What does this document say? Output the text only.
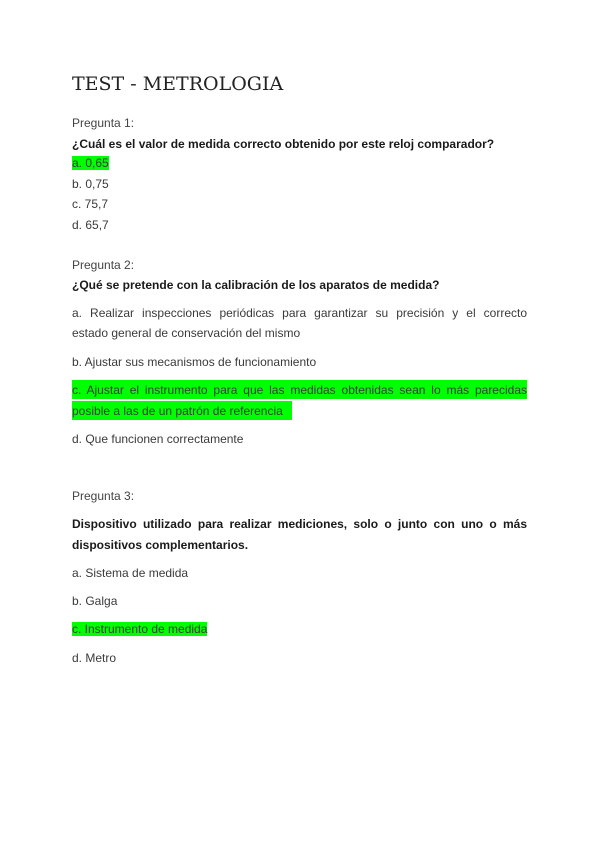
TEST - METROLOGIA
Pregunta 1:
¿Cuál es el valor de medida correcto obtenido por este reloj comparador?
a. 0,65
b. 0,75
c. 75,7
d. 65,7
Pregunta 2:
¿Qué se pretende con la calibración de los aparatos de medida?
a. Realizar inspecciones periódicas para garantizar su precisión y el correcto
estado general de conservación del mismo
b. Ajustar sus mecanismos de funcionamiento
c. Ajustar el instrumento para que las medidas obtenidas sean lo más parecidas
posible a las de un patrón de referencia
d. Que funcionen correctamente
Pregunta 3:
Dispositivo utilizado para realizar mediciones, solo o junto con uno o más
dispositivos complementarios.
a. Sistema de medida
b. Galga
c. Instrumento de medida
d. Metro
